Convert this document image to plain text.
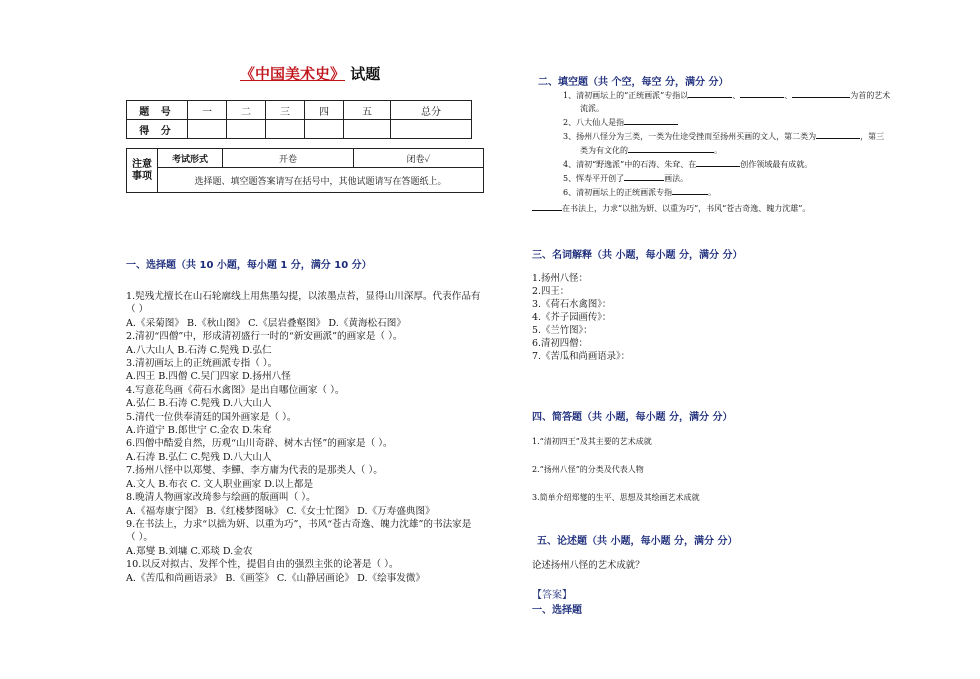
《中国美术史》 试题
题 号	一	二	三	四	五	总分
得 分						
注意事项	考试形式	开卷	闭卷✓
选择题、填空题答案请写在括号中，其他试题请写在答题纸上。
一、选择题（共 10 小题，每小题 1 分，满分 10 分）
1.髡残尤擅长在山石轮廓线上用焦墨勾提，以浓墨点苔，显得山川深厚。代表作品有
（ ）
A.《采菊图》 B.《秋山图》 C.《层岩叠壑图》 D.《黄海松石图》
2.清初“四僧”中，形成清初盛行一时的“新安画派”的画家是（ ）。
A.八大山人 B.石涛 C.髡残 D.弘仁
3.清初画坛上的正统画派专指（ ）。
A.四王 B.四僧 C.吴门四家 D.扬州八怪
4.写意花鸟画《荷石水禽图》是出自哪位画家（ ）。
A.弘仁 B.石涛 C.髡残 D.八大山人
5.清代一位供奉清廷的国外画家是（ ）。
A.许道宁 B.郎世宁 C.金农 D.朱耷
6.四僧中酷爱自然，历观“山川奇辟、树木古怪”的画家是（ ）。
A.石涛 B.弘仁 C.髡残 D.八大山人
7.扬州八怪中以郑燮、李鱓、李方庸为代表的是那类人（ ）。
A.文人 B.布衣 C. 文人职业画家 D.以上都是
8.晚清人物画家改琦参与绘画的版画叫（ ）。
A.《福寿康宁图》 B.《红楼梦图咏》 C.《女士忙图》 D.《万寿盛典图》
9.在书法上，力求“以拙为妍、以重为巧”，书风“苍古奇逸、魄力沈雄”的书法家是
（ ）。
A.郑燮 B.刘墉 C.邓琰 D.金农
10.以反对拟古、发挥个性，提倡自由的强烈主张的论著是（ ）。
A.《苦瓜和尚画语录》 B.《画筌》 C.《山静居画论》 D.《绘事发微》
二、填空题（共 个空，每空 分，满分 分）
1、清初画坛上的“正统画派”专指以	、	、	为首的艺术
流派。
2、八大仙人是指
3、扬州八怪分为三类，一类为仕途受挫而至扬州买画的文人，第二类为	，第三
类为有文化的	。
4、清初“野逸派”中的石涛、朱耷、在	创作领域最有成就。
5、恽寿平开创了	画法。
6、清初画坛上的正统画派专指	。
在书法上，力求“以拙为妍、以重为巧”，书风“苍古奇逸、魄力沈雄”。
三、名词解释（共 小题，每小题 分，满分 分）
1.扬州八怪：
2.四王：
3.《荷石水禽图》：
4.《芥子园画传》：
5.《兰竹图》：
6.清初四僧：
7.《苦瓜和尚画语录》：
四、简答题（共 小题，每小题 分，满分 分）
1.“清初四王”及其主要的艺术成就
2.“扬州八怪”的分类及代表人物
3.简单介绍郑燮的生平、思想及其绘画艺术成就
五、论述题（共 小题，每小题 分，满分 分）
论述扬州八怪的艺术成就？
【答案】
一、选择题
